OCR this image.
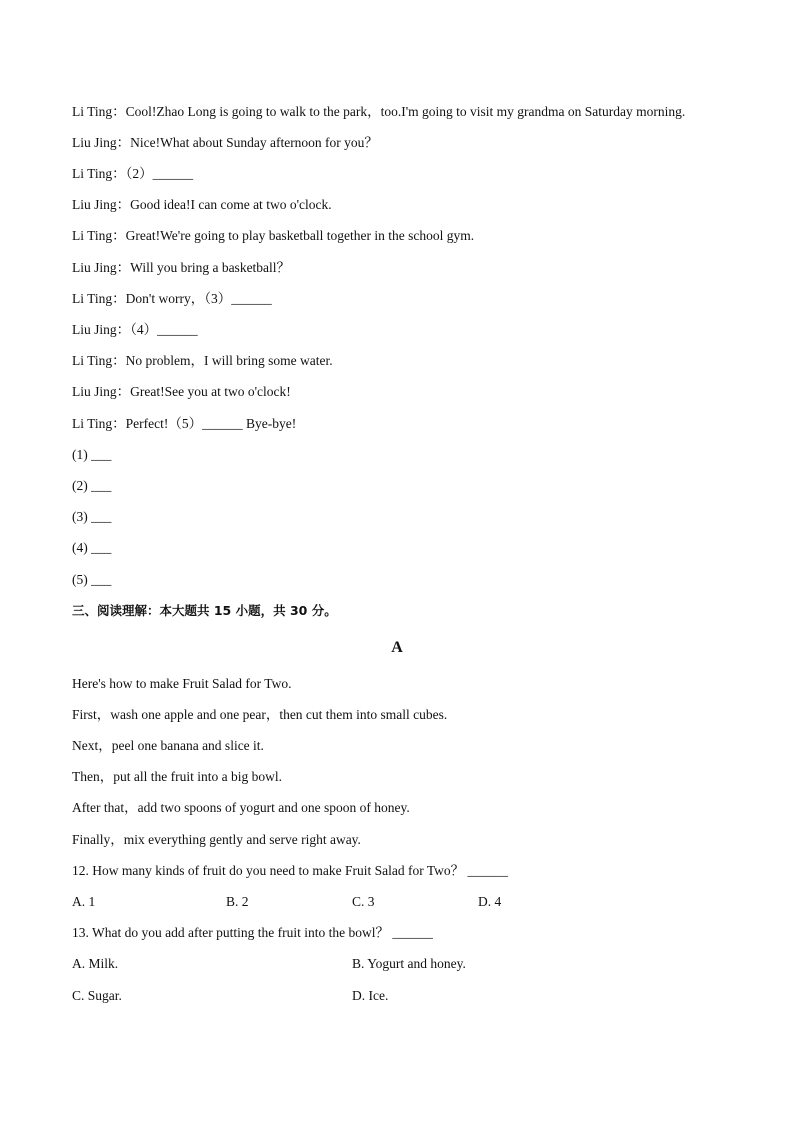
Li Ting：Cool!Zhao Long is going to walk to the park，too.I'm going to visit my grandma on Saturday morning.
Liu Jing：Nice!What about Sunday afternoon for you？
Li Ting：（2）______
Liu Jing：Good idea!I can come at two o'clock.
Li Ting：Great!We're going to play basketball together in the school gym.
Liu Jing：Will you bring a basketball？
Li Ting：Don't worry，（3）______
Liu Jing：（4）______
Li Ting：No problem，I will bring some water.
Liu Jing：Great!See you at two o'clock!
Li Ting：Perfect!（5）______ Bye-bye!
(1) ___
(2) ___
(3) ___
(4) ___
(5) ___
三、阅读理解：本大题共 15 小题，共 30 分。
A
Here's how to make Fruit Salad for Two.
First，wash one apple and one pear，then cut them into small cubes.
Next，peel one banana and slice it.
Then，put all the fruit into a big bowl.
After that，add two spoons of yogurt and one spoon of honey.
Finally，mix everything gently and serve right away.
12. How many kinds of fruit do you need to make Fruit Salad for Two？ ______
A. 1	B. 2	C. 3	D. 4
13. What do you add after putting the fruit into the bowl？ ______
A. Milk.	B. Yogurt and honey.
C. Sugar.	D. Ice.
